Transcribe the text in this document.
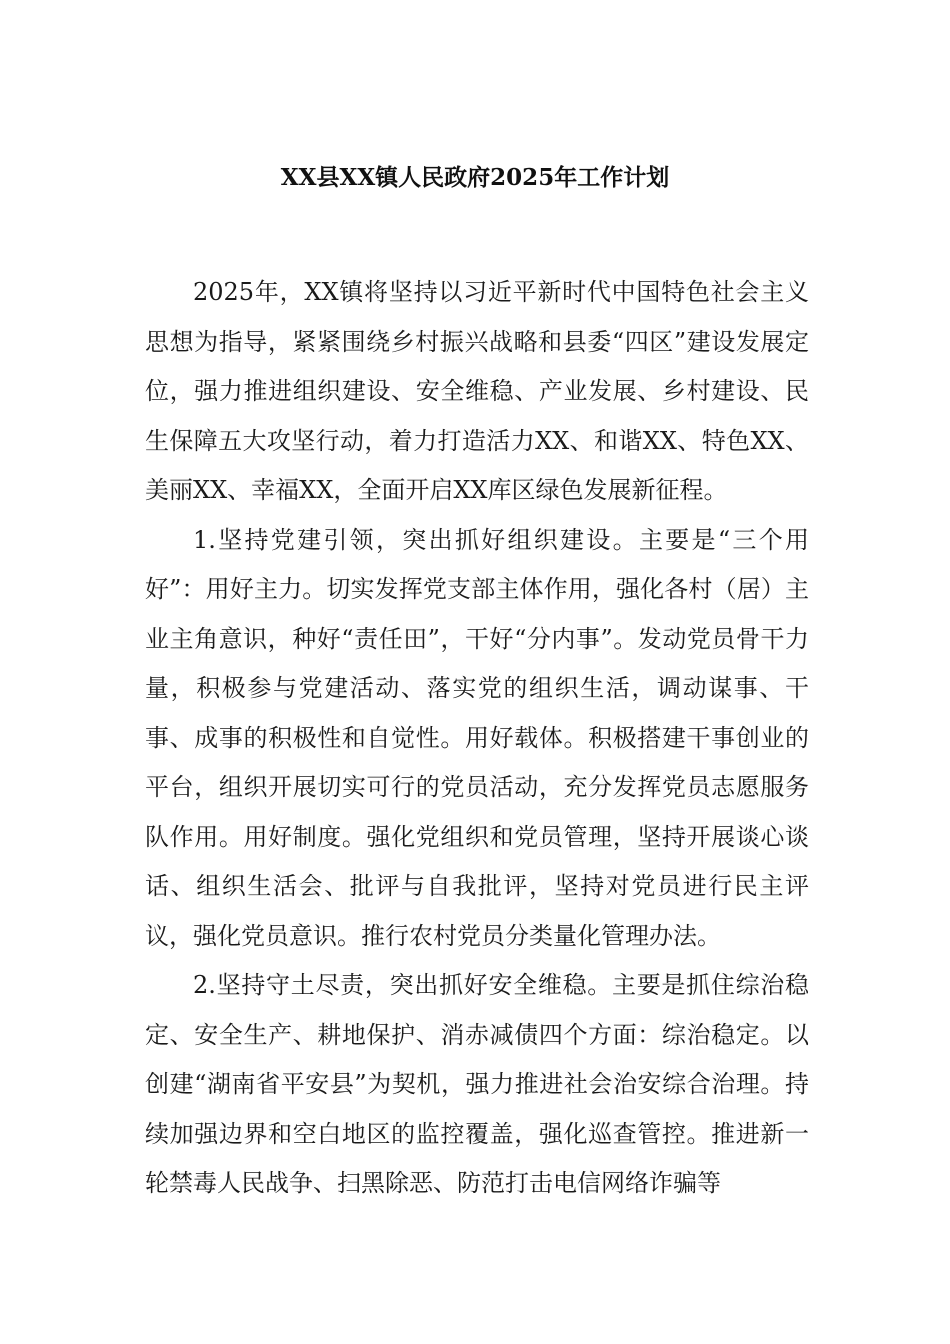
XX县XX镇人民政府2025年工作计划

2025年，XX镇将坚持以习近平新时代中国特色社会主义思想为指导，紧紧围绕乡村振兴战略和县委“四区”建设发展定位，强力推进组织建设、安全维稳、产业发展、乡村建设、民生保障五大攻坚行动，着力打造活力XX、和谐XX、特色XX、美丽XX、幸福XX，全面开启XX库区绿色发展新征程。

1.坚持党建引领，突出抓好组织建设。主要是“三个用好”：用好主力。切实发挥党支部主体作用，强化各村（居）主业主角意识，种好“责任田”，干好“分内事”。发动党员骨干力量，积极参与党建活动、落实党的组织生活，调动谋事、干事、成事的积极性和自觉性。用好载体。积极搭建干事创业的平台，组织开展切实可行的党员活动，充分发挥党员志愿服务队作用。用好制度。强化党组织和党员管理，坚持开展谈心谈话、组织生活会、批评与自我批评，坚持对党员进行民主评议，强化党员意识。推行农村党员分类量化管理办法。

2.坚持守土尽责，突出抓好安全维稳。主要是抓住综治稳定、安全生产、耕地保护、消赤减债四个方面：综治稳定。以创建“湖南省平安县”为契机，强力推进社会治安综合治理。持续加强边界和空白地区的监控覆盖，强化巡查管控。推进新一轮禁毒人民战争、扫黑除恶、防范打击电信网络诈骗等
